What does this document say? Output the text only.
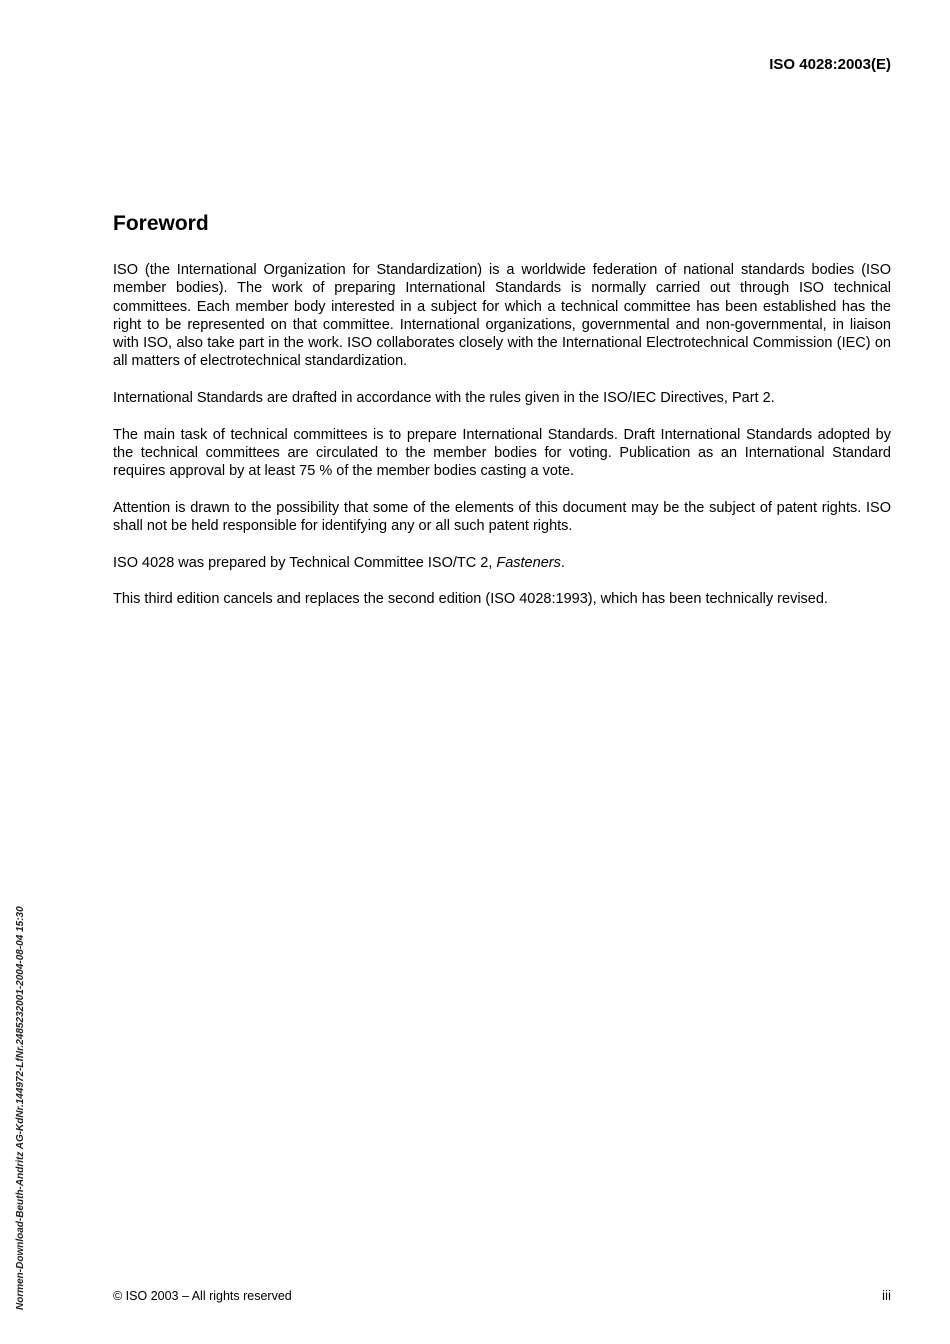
ISO 4028:2003(E)
Foreword

ISO (the International Organization for Standardization) is a worldwide federation of national standards bodies (ISO member bodies). The work of preparing International Standards is normally carried out through ISO technical committees. Each member body interested in a subject for which a technical committee has been established has the right to be represented on that committee. International organizations, governmental and non-governmental, in liaison with ISO, also take part in the work. ISO collaborates closely with the International Electrotechnical Commission (IEC) on all matters of electrotechnical standardization.

International Standards are drafted in accordance with the rules given in the ISO/IEC Directives, Part 2.

The main task of technical committees is to prepare International Standards. Draft International Standards adopted by the technical committees are circulated to the member bodies for voting. Publication as an International Standard requires approval by at least 75 % of the member bodies casting a vote.

Attention is drawn to the possibility that some of the elements of this document may be the subject of patent rights. ISO shall not be held responsible for identifying any or all such patent rights.

ISO 4028 was prepared by Technical Committee ISO/TC 2, Fasteners.

This third edition cancels and replaces the second edition (ISO 4028:1993), which has been technically revised.

Normen-Download-Beuth-Andritz AG-KdNr.144972-LfNr.2485232001-2004-08-04 15:30	© ISO 2003 – All rights reserved	iii
